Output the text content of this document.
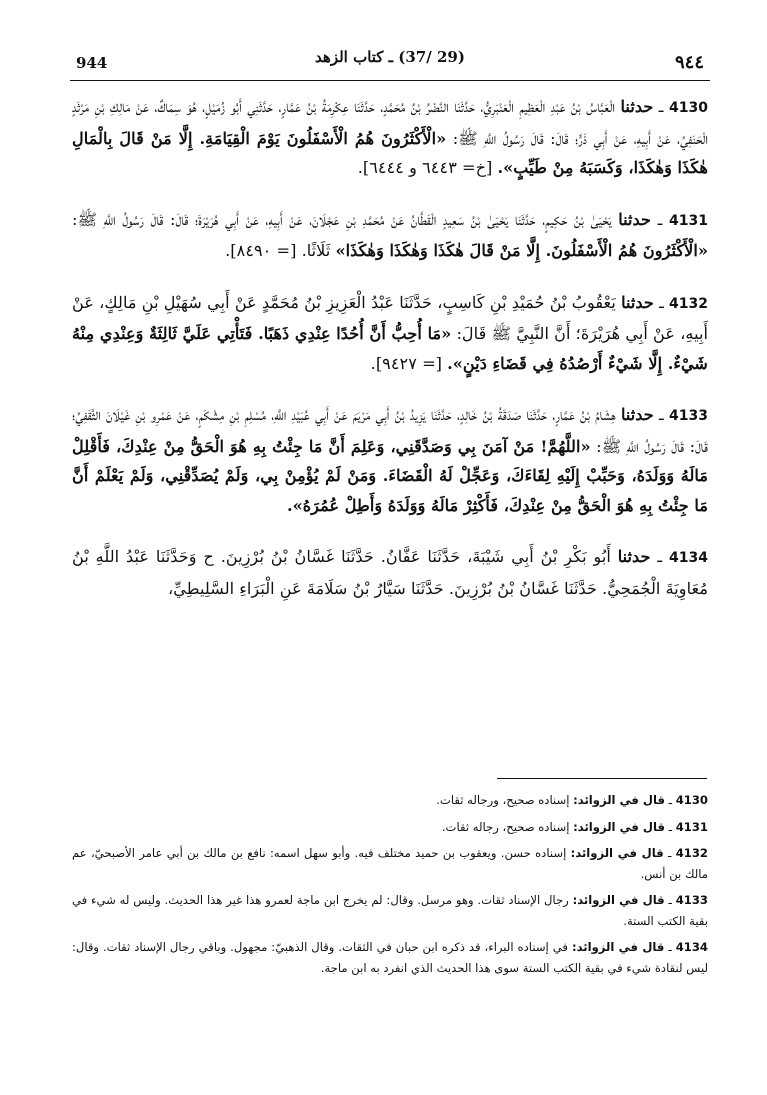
944	(29 /37) ـ كتاب الزهد	٩٤٤

4130 ـ حدثنا الْعَبَّاسُ بْنُ عَبْدِ الْعَظِيمِ الْعَنْبَرِيُّ، حَدَّثَنَا النَّضْرُ بْنُ مُحَمَّدٍ، حَدَّثَنَا عِكْرِمَةُ بْنُ عَمَّارٍ، حَدَّثَنِي أَبُو زُمَيْلٍ، هُوَ سِمَاكٌ، عَنْ مَالِكِ بْنِ مَرْثَدٍ الْحَنَفِيِّ، عَنْ أَبِيهِ، عَنْ أَبِي ذَرٍّ؛ قَالَ: قَالَ رَسُولُ اللَّهِ ﷺ: «الْأَكْثَرُونَ هُمُ الْأَسْفَلُونَ يَوْمَ الْقِيَامَةِ. إِلَّا مَنْ قَالَ بِالْمَالِ هٰكَذَا وَهٰكَذَا، وَكَسَبَهُ مِنْ طَيِّبٍ». [خ= ٦٤٤٣ و ٦٤٤٤].

4131 ـ حدثنا يَحْيَىٰ بْنُ حَكِيمٍ، حَدَّثَنَا يَحْيَىٰ بْنُ سَعِيدٍ الْقَطَّانُ عَنْ مُحَمَّدِ بْنِ عَجْلَانَ، عَنْ أَبِيهِ، عَنْ أَبِي هُرَيْرَةَ؛ قَالَ: قَالَ رَسُولُ اللَّهِ ﷺ: «الْأَكْثَرُونَ هُمُ الْأَسْفَلُونَ. إِلَّا مَنْ قَالَ هٰكَذَا وَهٰكَذَا وَهٰكَذَا» ثَلَاثًا. [= ٨٤٩٠].

4132 ـ حدثنا يَعْقُوبُ بْنُ حُمَيْدِ بْنِ كَاسِبٍ، حَدَّثَنَا عَبْدُ الْعَزِيزِ بْنُ مُحَمَّدٍ عَنْ أَبِي سُهَيْلِ بْنِ مَالِكٍ، عَنْ أَبِيهِ، عَنْ أَبِي هُرَيْرَةَ؛ أَنَّ النَّبِيَّ ﷺ قَالَ: «مَا أُحِبُّ أَنَّ أُحُدًا عِنْدِي ذَهَبًا. فَتَأْتِي عَلَيَّ ثَالِثَةٌ وَعِنْدِي مِنْهُ شَيْءٌ. إِلَّا شَيْءٌ أَرْصُدُهُ فِي قَضَاءِ دَيْنٍ». [= ٩٤٢٧].

4133 ـ حدثنا هِشَامُ بْنُ عَمَّارٍ، حَدَّثَنَا صَدَقَةُ بْنُ خَالِدٍ، حَدَّثَنَا يَزِيدُ بْنُ أَبِي مَرْيَمَ عَنْ أَبِي عُبَيْدِ اللَّهِ، مُسْلِمِ بْنِ مِشْكَمٍ، عَنْ عَمْرِو بْنِ غَيْلَانَ الثَّقَفِيِّ؛ قَالَ: قَالَ رَسُولُ اللَّهِ ﷺ: «اللَّهُمَّ! مَنْ آمَنَ بِي وَصَدَّقَنِي، وَعَلِمَ أَنَّ مَا جِئْتُ بِهِ هُوَ الْحَقُّ مِنْ عِنْدِكَ، فَأَقْلِلْ مَالَهُ وَوَلَدَهُ، وَحَبِّبْ إِلَيْهِ لِقَاءَكَ، وَعَجِّلْ لَهُ الْقَضَاءَ. وَمَنْ لَمْ يُؤْمِنْ بِي، وَلَمْ يُصَدِّقْنِي، وَلَمْ يَعْلَمْ أَنَّ مَا جِئْتُ بِهِ هُوَ الْحَقُّ مِنْ عِنْدِكَ، فَأَكْثِرْ مَالَهُ وَوَلَدَهُ وَأَطِلْ عُمُرَهُ».

4134 ـ حدثنا أَبُو بَكْرِ بْنُ أَبِي شَيْبَةَ، حَدَّثَنَا عَفَّانُ. حَدَّثَنَا غَسَّانُ بْنُ بُرْزِينَ. ح وَحَدَّثَنَا عَبْدُ اللَّهِ بْنُ مُعَاوِيَةَ الْجُمَحِيُّ. حَدَّثَنَا غَسَّانُ بْنُ بُرْزِينَ. حَدَّثَنَا سَيَّارُ بْنُ سَلَامَةَ عَنِ الْبَرَاءِ السَّلِيطِيِّ،

4130 ـ قال في الزوائد: إسناده صحيح، ورجاله ثقات.

4131 ـ قال في الزوائد: إسناده صحيح، رجاله ثقات.

4132 ـ قال في الزوائد: إسناده حسن. ويعقوب بن حميد مختلف فيه. وأبو سهل اسمه: نافع بن مالك بن أبي عامر الأصبحيّ، عم مالك بن أنس.

4133 ـ قال في الزوائد: رجال الإسناد ثقات. وهو مرسل. وقال: لم يخرج ابن ماجة لعمرو هذا غير هذا الحديث. وليس له شيء في بقية الكتب الستة.

4134 ـ قال في الزوائد: في إسناده البراء، قد ذكره ابن حبان في الثقات. وقال الذهبيّ: مجهول. وباقي رجال الإسناد ثقات. وقال: ليس لنقادة شيء في بقية الكتب الستة سوى هذا الحديث الذي انفرد به ابن ماجة.
